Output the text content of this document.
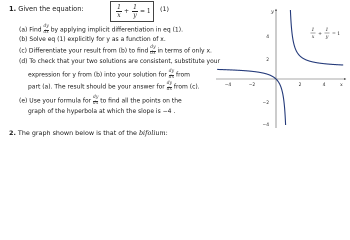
1. Given the equation:	1
x
+
1
y
= 1 (1)
(a) Find $\frac{dy}{dx}$ by applying implicit differentiation in eq (1).
(b) Solve eq (1) explicitly for y as a function of x.
(c) Differentiate your result from (b) to find $\frac{dy}{dx}$ in terms of only x.
(d) To check that your two solutions are consistent, substitute your
expression for y from (b) into your solution for $\frac{dy}{dx}$ from
part (a). The result should be your answer for $\frac{dy}{dx}$ from (c).
(e) Use your formula for $\frac{dy}{dx}$ to find all the points on the
graph of the hyperbola at which the slope is −4 .
2. The graph shown below is that of the bifolium:
x
y
−4	−2	2	4
4
2
−2
−4
1
x
+
1
y
= 1
